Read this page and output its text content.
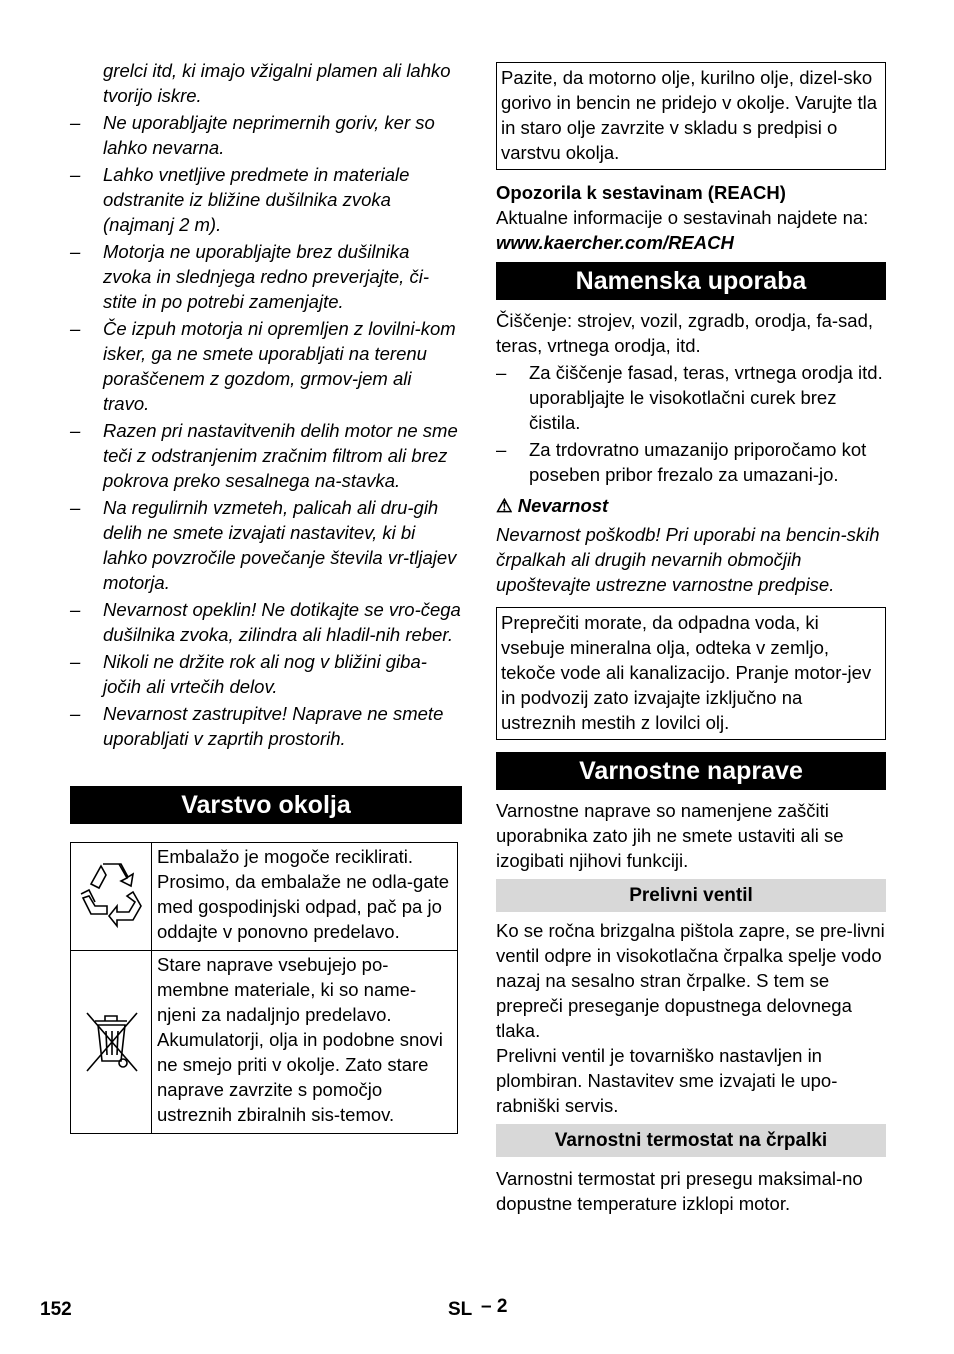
grelci itd, ki imajo vžigalni plamen ali lahko tvorijo iskre.
– Ne uporabljajte neprimernih goriv, ker so lahko nevarna.
– Lahko vnetljive predmete in materiale odstranite iz bližine dušilnika zvoka (najmanj 2 m).
– Motorja ne uporabljajte brez dušilnika zvoka in slednjega redno preverjajte, či-stite in po potrebi zamenjajte.
– Če izpuh motorja ni opremljen z lovilni-kom isker, ga ne smete uporabljati na terenu poraščenem z gozdom, grmov-jem ali travo.
– Razen pri nastavitvenih delih motor ne sme teči z odstranjenim zračnim filtrom ali brez pokrova preko sesalnega na-stavka.
– Na regulirnih vzmeteh, palicah ali dru-gih delih ne smete izvajati nastavitev, ki bi lahko povzročile povečanje števila vr-tljajev motorja.
– Nevarnost opeklin! Ne dotikajte se vro-čega dušilnika zvoka, zilindra ali hladil-nih reber.
– Nikoli ne držite rok ali nog v bližini giba-jočih ali vrtečih delov.
– Nevarnost zastrupitve! Naprave ne smete uporabljati v zaprtih prostorih.
Varstvo okolja
	Embalažo je mogoče reciklirati. Prosimo, da embalaže ne odla-gate med gospodinjski odpad, pač pa jo oddajte v ponovno predelavo.
	Stare naprave vsebujejo po-membne materiale, ki so name-njeni za nadaljnjo predelavo. Akumulatorji, olja in podobne snovi ne smejo priti v okolje. Zato stare naprave zavrzite s pomočjo ustreznih zbiralnih sis-temov.
Pazite, da motorno olje, kurilno olje, dizel-sko gorivo in bencin ne pridejo v okolje. Varujte tla in staro olje zavrzite v skladu s predpisi o varstvu okolja.
Opozorila k sestavinam (REACH)
Aktualne informacije o sestavinah najdete na:
www.kaercher.com/REACH
Namenska uporaba
Čiščenje: strojev, vozil, zgradb, orodja, fa-sad, teras, vrtnega orodja, itd.
– Za čiščenje fasad, teras, vrtnega orodja itd. uporabljajte le visokotlačni curek brez čistila.
– Za trdovratno umazanijo priporočamo kot poseben pribor frezalo za umazani-jo.
⚠ Nevarnost
Nevarnost poškodb! Pri uporabi na bencin-skih črpalkah ali drugih nevarnih območjih upoštevajte ustrezne varnostne predpise.
Preprečiti morate, da odpadna voda, ki vsebuje mineralna olja, odteka v zemljo, tekoče vode ali kanalizacijo. Pranje motor-jev in podvozij zato izvajajte izključno na ustreznih mestih z lovilci olj.
Varnostne naprave
Varnostne naprave so namenjene zaščiti uporabnika zato jih ne smete ustaviti ali se izogibati njihovi funkciji.
Prelivni ventil
Ko se ročna brizgalna pištola zapre, se pre-livni ventil odpre in visokotlačna črpalka spelje vodo nazaj na sesalno stran črpalke. S tem se prepreči preseganje dopustnega delovnega tlaka.
Prelivni ventil je tovarniško nastavljen in plombiran. Nastavitev sme izvajati le upo-rabniški servis.
Varnostni termostat na črpalki
Varnostni termostat pri presegu maksimal-no dopustne temperature izklopi motor.
152	SL – 2
